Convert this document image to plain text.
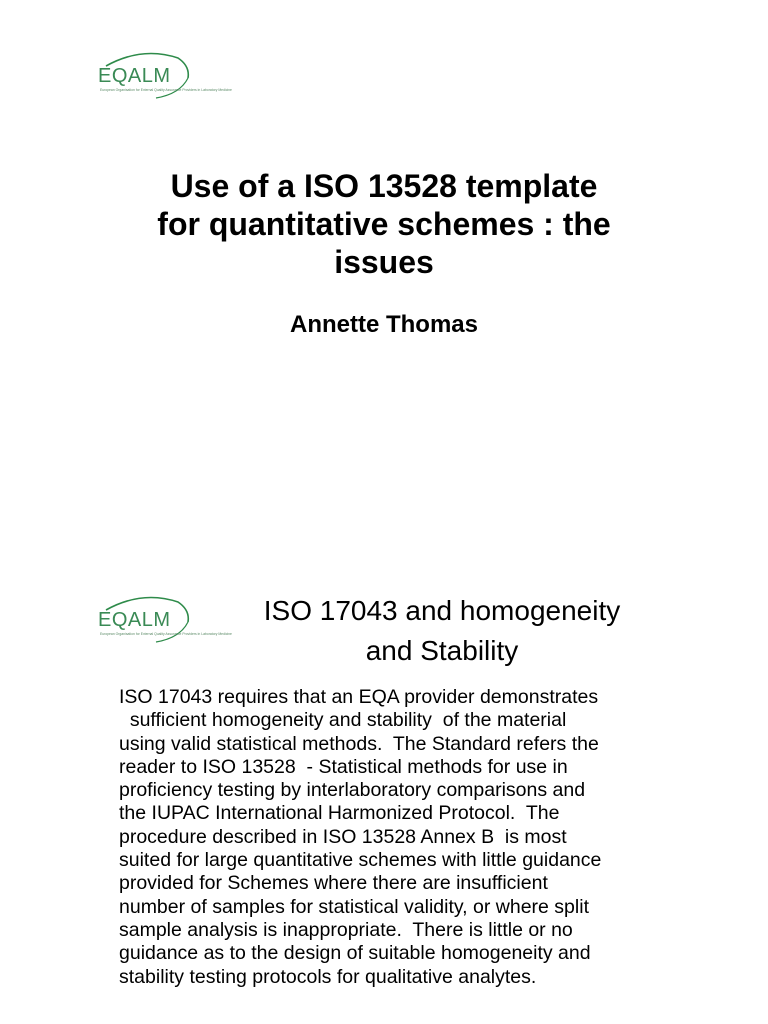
EQALM
European Organisation for External Quality Assurance Providers in Laboratory Medicine
Use of a ISO 13528 template
for quantitative schemes : the
issues

Annette Thomas

EQALM
European Organisation for External Quality Assurance Providers in Laboratory Medicine
ISO 17043 and homogeneity
and Stability
ISO 17043 requires that an EQA provider demonstrates
sufficient homogeneity and stability  of the material
using valid statistical methods.  The Standard refers the
reader to ISO 13528  - Statistical methods for use in
proficiency testing by interlaboratory comparisons and
the IUPAC International Harmonized Protocol.  The
procedure described in ISO 13528 Annex B  is most
suited for large quantitative schemes with little guidance
provided for Schemes where there are insufficient
number of samples for statistical validity, or where split
sample analysis is inappropriate.  There is little or no
guidance as to the design of suitable homogeneity and
stability testing protocols for qualitative analytes.
